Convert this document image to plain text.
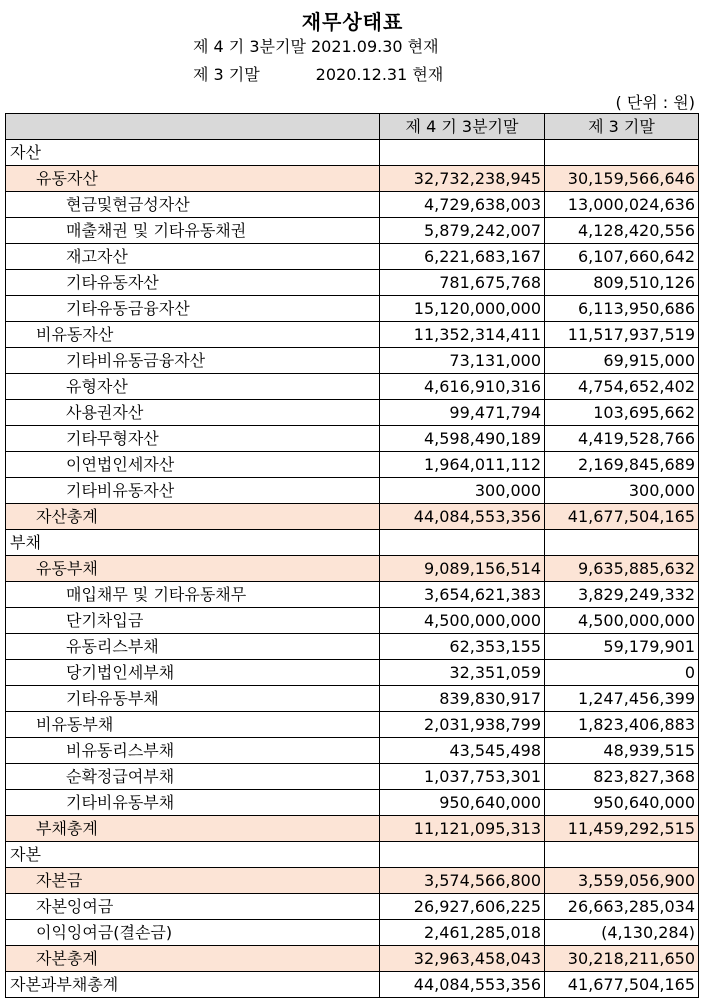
재무상태표
제 4 기 3분기말 2021.09.30 현재
제 3 기말           2020.12.31 현재
( 단위 : 원)
	제 4 기 3분기말	제 3 기말
자산		
유동자산	32,732,238,945	30,159,566,646
현금및현금성자산	4,729,638,003	13,000,024,636
매출채권 및 기타유동채권	5,879,242,007	4,128,420,556
재고자산	6,221,683,167	6,107,660,642
기타유동자산	781,675,768	809,510,126
기타유동금융자산	15,120,000,000	6,113,950,686
비유동자산	11,352,314,411	11,517,937,519
기타비유동금융자산	73,131,000	69,915,000
유형자산	4,616,910,316	4,754,652,402
사용권자산	99,471,794	103,695,662
기타무형자산	4,598,490,189	4,419,528,766
이연법인세자산	1,964,011,112	2,169,845,689
기타비유동자산	300,000	300,000
자산총계	44,084,553,356	41,677,504,165
부채		
유동부채	9,089,156,514	9,635,885,632
매입채무 및 기타유동채무	3,654,621,383	3,829,249,332
단기차입금	4,500,000,000	4,500,000,000
유동리스부채	62,353,155	59,179,901
당기법인세부채	32,351,059	0
기타유동부채	839,830,917	1,247,456,399
비유동부채	2,031,938,799	1,823,406,883
비유동리스부채	43,545,498	48,939,515
순확정급여부채	1,037,753,301	823,827,368
기타비유동부채	950,640,000	950,640,000
부채총계	11,121,095,313	11,459,292,515
자본		
자본금	3,574,566,800	3,559,056,900
자본잉여금	26,927,606,225	26,663,285,034
이익잉여금(결손금)	2,461,285,018	(4,130,284)
자본총계	32,963,458,043	30,218,211,650
자본과부채총계	44,084,553,356	41,677,504,165
